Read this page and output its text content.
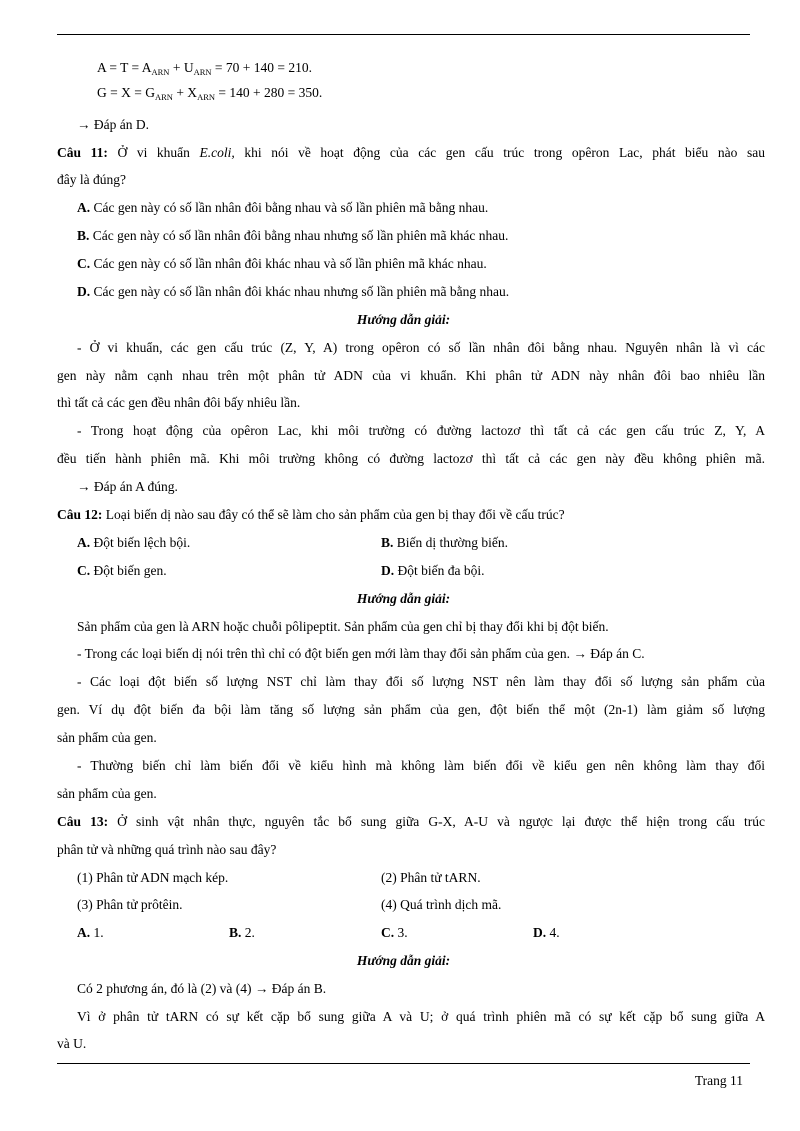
$A = T = A_{ARN} + U_{ARN} = 70 + 140 = 210$.
$G = X = G_{ARN} + X_{ARN} = 140 + 280 = 350$.
→ Đáp án D.
Câu 11: Ở vi khuẩn E.coli, khi nói về hoạt động của các gen cấu trúc trong opêron Lac, phát biểu nào sau
đây là đúng?
A. Các gen này có số lần nhân đôi bằng nhau và số lần phiên mã bằng nhau.
B. Các gen này có số lần nhân đôi bằng nhau nhưng số lần phiên mã khác nhau.
C. Các gen này có số lần nhân đôi khác nhau và số lần phiên mã khác nhau.
D. Các gen này có số lần nhân đôi khác nhau nhưng số lần phiên mã bằng nhau.
Hướng dẫn giải:
- Ở vi khuẩn, các gen cấu trúc (Z, Y, A) trong opêron có số lần nhân đôi bằng nhau. Nguyên nhân là vì các
gen này nằm cạnh nhau trên một phân tử ADN của vi khuẩn. Khi phân tử ADN này nhân đôi bao nhiêu lần
thì tất cả các gen đều nhân đôi bấy nhiêu lần.
- Trong hoạt động của opêron Lac, khi môi trường có đường lactozơ thì tất cả các gen cấu trúc Z, Y, A
đều tiến hành phiên mã. Khi môi trường không có đường lactozơ thì tất cả các gen này đều không phiên mã.
→ Đáp án A đúng.
Câu 12: Loại biến dị nào sau đây có thể sẽ làm cho sản phẩm của gen bị thay đổi về cấu trúc?
A. Đột biến lệch bội.	B. Biến dị thường biến.
C. Đột biến gen.	D. Đột biến đa bội.
Hướng dẫn giải:
Sản phẩm của gen là ARN hoặc chuỗi pôlipeptit. Sản phẩm của gen chỉ bị thay đổi khi bị đột biến.
- Trong các loại biến dị nói trên thì chỉ có đột biến gen mới làm thay đổi sản phẩm của gen. → Đáp án C.
- Các loại đột biến số lượng NST chỉ làm thay đổi số lượng NST nên làm thay đổi số lượng sản phẩm của
gen. Ví dụ đột biến đa bội làm tăng số lượng sản phẩm của gen, đột biến thể một (2n-1) làm giảm số lượng
sản phẩm của gen.
- Thường biến chỉ làm biến đổi về kiểu hình mà không làm biến đổi về kiểu gen nên không làm thay đổi
sản phẩm của gen.
Câu 13: Ở sinh vật nhân thực, nguyên tắc bổ sung giữa G-X, A-U và ngược lại được thể hiện trong cấu trúc
phân tử và những quá trình nào sau đây?
(1) Phân tử ADN mạch kép.	(2) Phân tử tARN.
(3) Phân tử prôtêin.	(4) Quá trình dịch mã.
A. 1.	B. 2.	C. 3.	D. 4.
Hướng dẫn giải:
Có 2 phương án, đó là (2) và (4) → Đáp án B.
Vì ở phân tử tARN có sự kết cặp bổ sung giữa A và U; ở quá trình phiên mã có sự kết cặp bổ sung giữa A
và U.
Trang 11
